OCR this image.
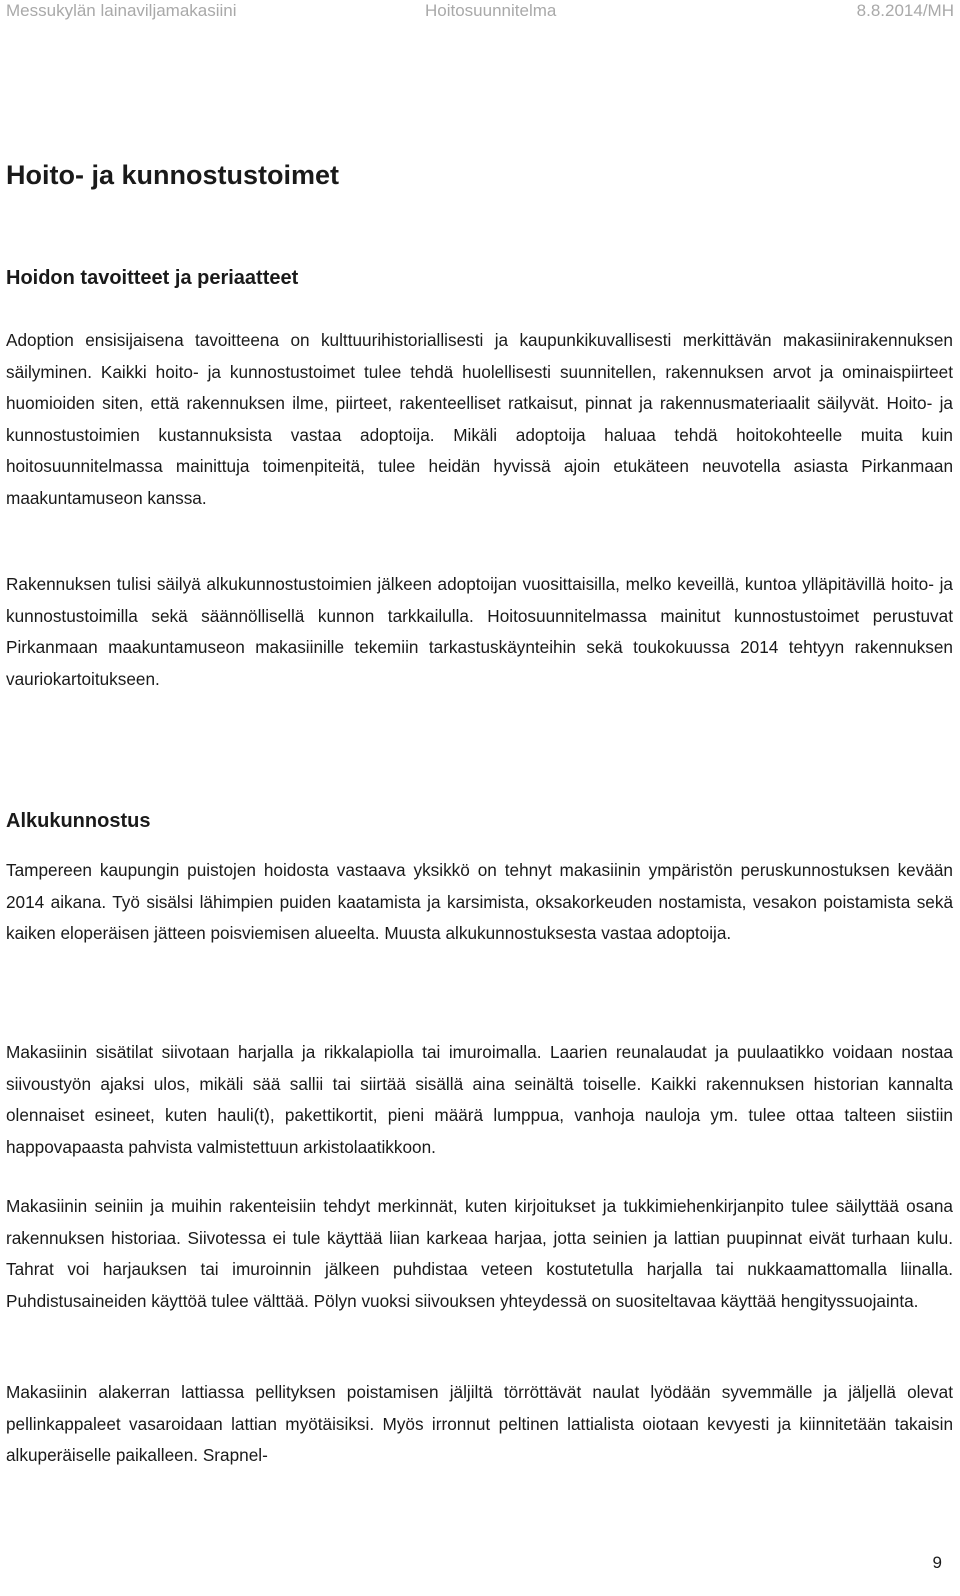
Messukylän lainaviljamakasiini	Hoitosuunnitelma	8.8.2014/MH
Hoito- ja kunnostustoimet
Hoidon tavoitteet ja periaatteet

Adoption ensisijaisena tavoitteena on kulttuurihistoriallisesti ja kaupunkikuvallisesti merkittävän makasiinirakennuksen säilyminen. Kaikki hoito- ja kunnostustoimet tulee tehdä huolellisesti suunnitellen, rakennuksen arvot ja ominaispiirteet huomioiden siten, että rakennuksen ilme, piirteet, rakenteelliset ratkaisut, pinnat ja rakennusmateriaalit säilyvät. Hoito- ja kunnostustoimien kustannuksista vastaa adoptoija. Mikäli adoptoija haluaa tehdä hoitokohteelle muita kuin hoitosuunnitelmassa mainittuja toimenpiteitä, tulee heidän hyvissä ajoin etukäteen neuvotella asiasta Pirkanmaan maakuntamuseon kanssa.

Rakennuksen tulisi säilyä alkukunnostustoimien jälkeen adoptoijan vuosittaisilla, melko keveillä, kuntoa ylläpitävillä hoito- ja kunnostustoimilla sekä säännöllisellä kunnon tarkkailulla. Hoitosuunnitelmassa mainitut kunnostustoimet perustuvat Pirkanmaan maakuntamuseon makasiinille tekemiin tarkastuskäynteihin sekä toukokuussa 2014 tehtyyn rakennuksen vauriokartoitukseen.

Alkukunnostus

Tampereen kaupungin puistojen hoidosta vastaava yksikkö on tehnyt makasiinin ympäristön peruskunnostuksen kevään 2014 aikana. Työ sisälsi lähimpien puiden kaatamista ja karsimista, oksakorkeuden nostamista, vesakon poistamista sekä kaiken eloperäisen jätteen poisviemisen alueelta. Muusta alkukunnostuksesta vastaa adoptoija.

Makasiinin sisätilat siivotaan harjalla ja rikkalapiolla tai imuroimalla. Laarien reunalaudat ja puulaatikko voidaan nostaa siivoustyön ajaksi ulos, mikäli sää sallii tai siirtää sisällä aina seinältä toiselle. Kaikki rakennuksen historian kannalta olennaiset esineet, kuten hauli(t), pakettikortit, pieni määrä lumppua, vanhoja nauloja ym. tulee ottaa talteen siistiin happovapaasta pahvista valmistettuun arkistolaatikkoon.

Makasiinin seiniin ja muihin rakenteisiin tehdyt merkinnät, kuten kirjoitukset ja tukkimiehenkirjanpito tulee säilyttää osana rakennuksen historiaa. Siivotessa ei tule käyttää liian karkeaa harjaa, jotta seinien ja lattian puupinnat eivät turhaan kulu. Tahrat voi harjauksen tai imuroinnin jälkeen puhdistaa veteen kostutetulla harjalla tai nukkaamattomalla liinalla. Puhdistusaineiden käyttöä tulee välttää. Pölyn vuoksi siivouksen yhteydessä on suositeltavaa käyttää hengityssuojainta.

Makasiinin alakerran lattiassa pellityksen poistamisen jäljiltä törröttävät naulat lyödään syvemmälle ja jäljellä olevat pellinkappaleet vasaroidaan lattian myötäisiksi. Myös irronnut peltinen lattialista oiotaan kevyesti ja kiinnitetään takaisin alkuperäiselle paikalleen. Srapnel-

9
